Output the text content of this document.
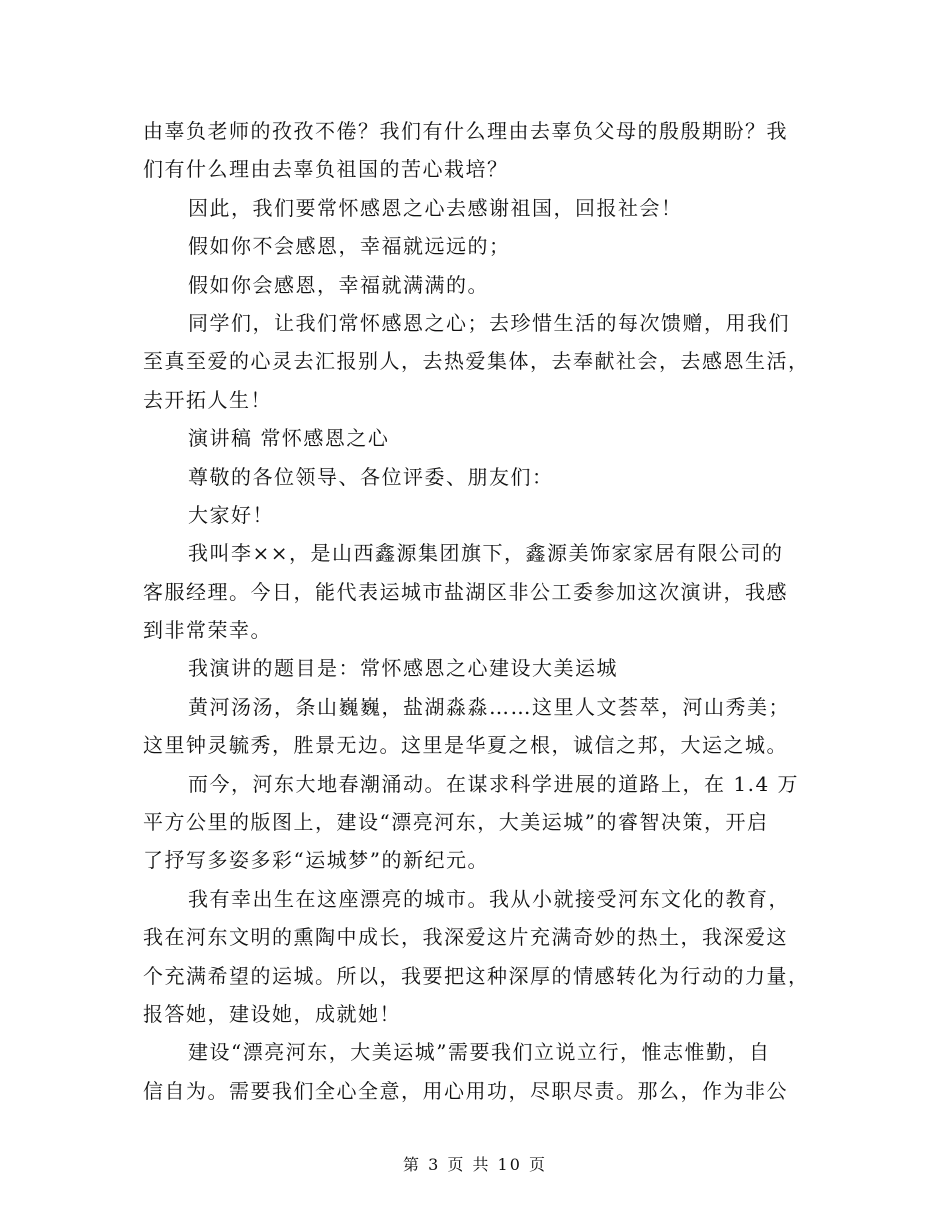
由辜负老师的孜孜不倦？我们有什么理由去辜负父母的殷殷期盼？我
们有什么理由去辜负祖国的苦心栽培？
因此，我们要常怀感恩之心去感谢祖国，回报社会！
假如你不会感恩，幸福就远远的；
假如你会感恩，幸福就满满的。
同学们，让我们常怀感恩之心；去珍惜生活的每次馈赠，用我们
至真至爱的心灵去汇报别人，去热爱集体，去奉献社会，去感恩生活，
去开拓人生！
演讲稿 常怀感恩之心
尊敬的各位领导、各位评委、朋友们：
大家好！
我叫李××，是山西鑫源集团旗下，鑫源美饰家家居有限公司的
客服经理。今日，能代表运城市盐湖区非公工委参加这次演讲，我感
到非常荣幸。
我演讲的题目是：常怀感恩之心建设大美运城
黄河汤汤，条山巍巍，盐湖淼淼……这里人文荟萃，河山秀美；
这里钟灵毓秀，胜景无边。这里是华夏之根，诚信之邦，大运之城。
而今，河东大地春潮涌动。在谋求科学进展的道路上，在 1.4 万
平方公里的版图上，建设“漂亮河东，大美运城”的睿智决策，开启
了抒写多姿多彩“运城梦”的新纪元。
我有幸出生在这座漂亮的城市。我从小就接受河东文化的教育，
我在河东文明的熏陶中成长，我深爱这片充满奇妙的热土，我深爱这
个充满希望的运城。所以，我要把这种深厚的情感转化为行动的力量，
报答她，建设她，成就她！
建设“漂亮河东，大美运城”需要我们立说立行，惟志惟勤，自
信自为。需要我们全心全意，用心用功，尽职尽责。那么，作为非公
第 3 页 共 10 页
